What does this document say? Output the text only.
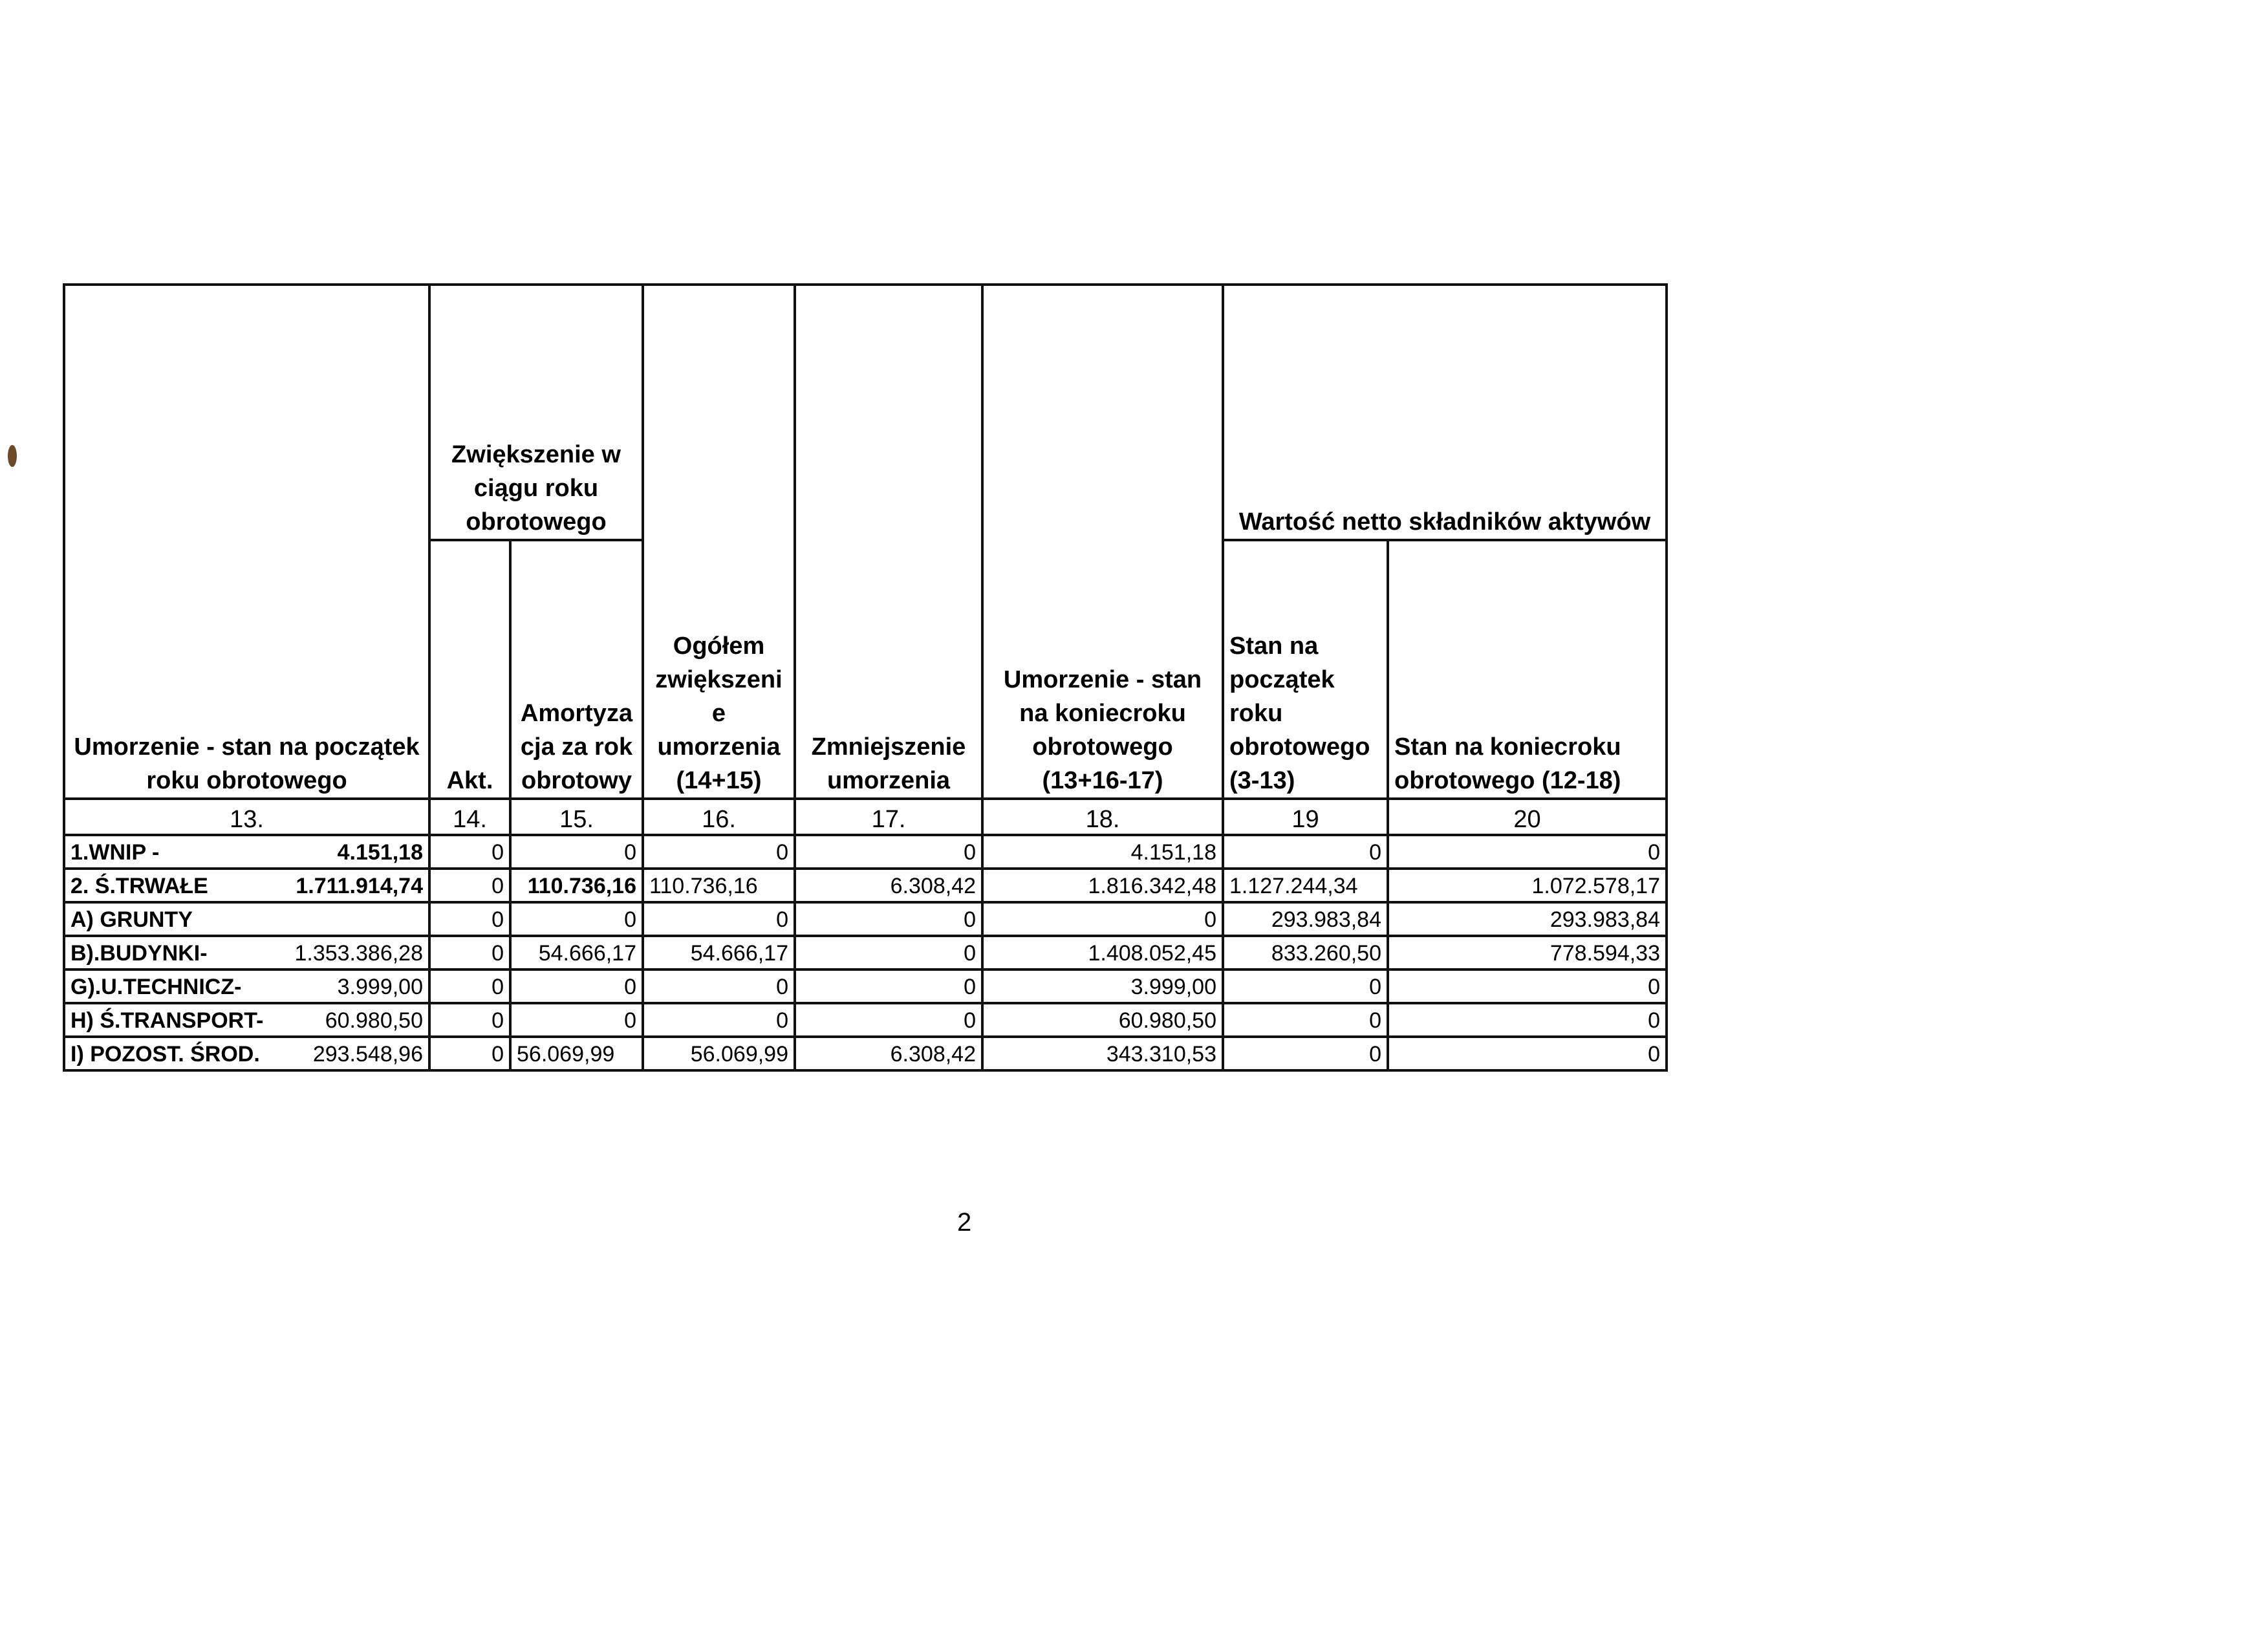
Umorzenie - stan na początek roku obrotowego	Zwiększenie w ciągu roku obrotowego		Ogółem zwiększeni e umorzenia (14+15)	Zmniejszenie umorzenia	Umorzenie - stan na koniecroku obrotowego (13+16-17)	Wartość netto składników aktywów	
	Akt.	Amortyza cja za rok obrotowy				Stan na początek roku obrotowego (3-13)	Stan na koniecroku obrotowego (12-18)
13.	14.	15.	16.	17.	18.	19	20
1.WNIP - 4.151,18	0	0	0	0	4.151,18	0	0
2. Ś.TRWAŁE 1.711.914,74	0	110.736,16	110.736,16	6.308,42	1.816.342,48	1.127.244,34	1.072.578,17
A) GRUNTY	0	0	0	0	0	293.983,84	293.983,84
B).BUDYNKI- 1.353.386,28	0	54.666,17	54.666,17	0	1.408.052,45	833.260,50	778.594,33
G).U.TECHNICZ- 3.999,00	0	0	0	0	3.999,00	0	0
H) Ś.TRANSPORT- 60.980,50	0	0	0	0	60.980,50	0	0
I) POZOST. ŚROD. 293.548,96	0	56.069,99	56.069,99	6.308,42	343.310,53	0	0
2
